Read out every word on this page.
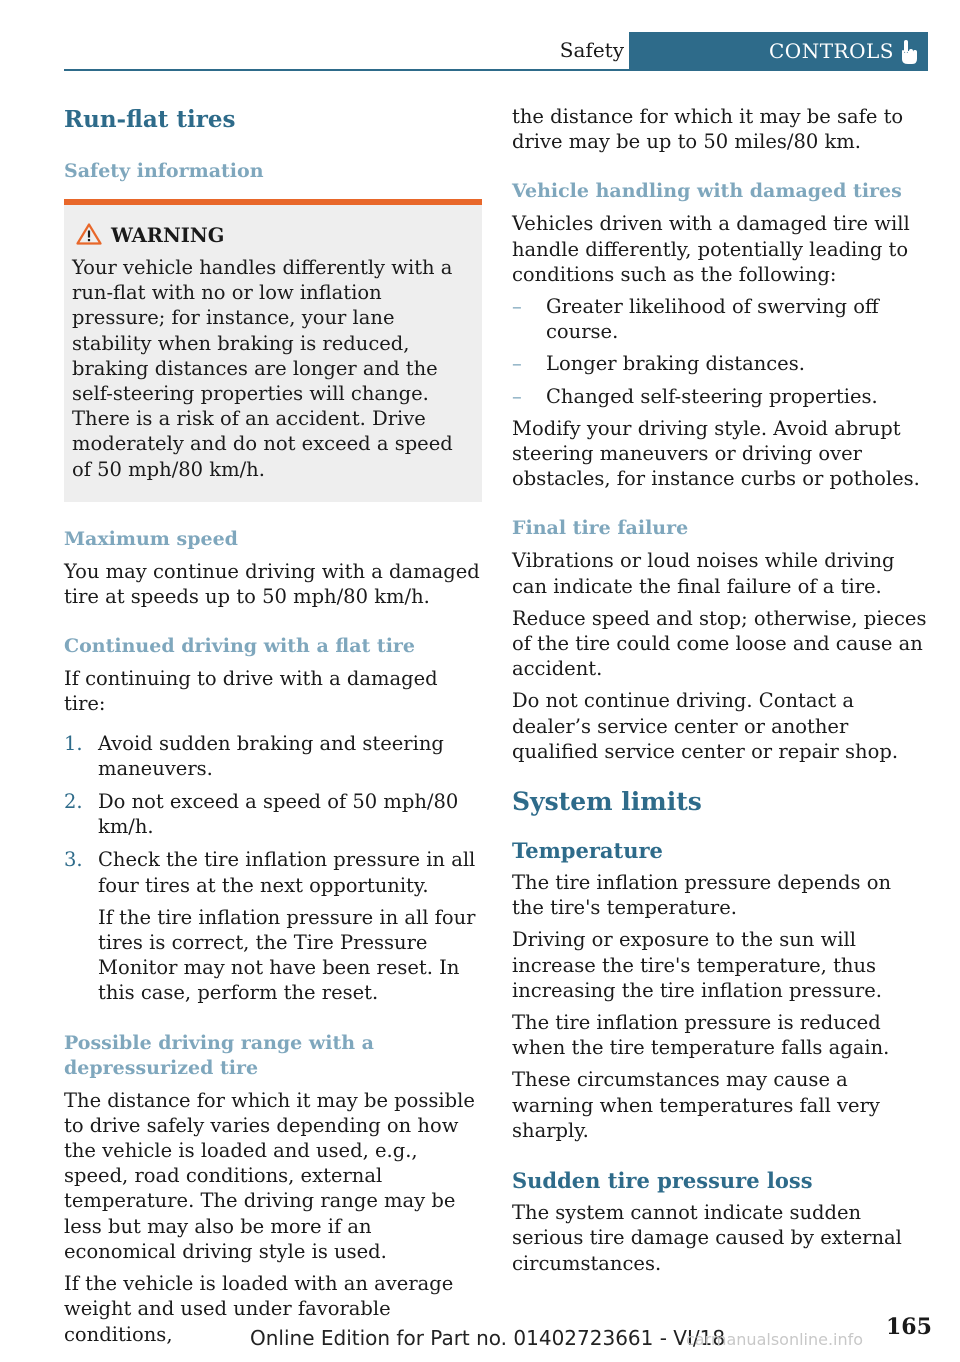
Safety	CONTROLS
Run-flat tires
Safety information
WARNING

Your vehicle handles differently with a run-flat with no or low inflation pressure; for instance, your lane stability when braking is reduced, braking distances are longer and the self-steering properties will change. There is a risk of an accident. Drive moderately and do not exceed a speed of 50 mph/80 km/h.

Maximum speed

You may continue driving with a damaged tire at speeds up to 50 mph/80 km/h.

Continued driving with a flat tire

If continuing to drive with a damaged tire:

1. Avoid sudden braking and steering maneuvers.
2. Do not exceed a speed of 50 mph/80 km/h.
3. Check the tire inflation pressure in all four tires at the next opportunity.
If the tire inflation pressure in all four tires is correct, the Tire Pressure Monitor may not have been reset. In this case, perform the reset.
Possible driving range with a depressurized tire

The distance for which it may be possible to drive safely varies depending on how the vehicle is loaded and used, e.g., speed, road conditions, external temperature. The driving range may be less but may also be more if an economical driving style is used.

If the vehicle is loaded with an average weight and used under favorable conditions,

the distance for which it may be safe to drive may be up to 50 miles/80 km.

Vehicle handling with damaged tires

Vehicles driven with a damaged tire will handle differently, potentially leading to conditions such as the following:

– Greater likelihood of swerving off course.
– Longer braking distances.
– Changed self-steering properties.

Modify your driving style. Avoid abrupt steering maneuvers or driving over obstacles, for instance curbs or potholes.

Final tire failure

Vibrations or loud noises while driving can indicate the final failure of a tire.

Reduce speed and stop; otherwise, pieces of the tire could come loose and cause an accident.

Do not continue driving. Contact a dealer’s service center or another qualified service center or repair shop.

System limits
Temperature

The tire inflation pressure depends on the tire's temperature.

Driving or exposure to the sun will increase the tire's temperature, thus increasing the tire inflation pressure.

The tire inflation pressure is reduced when the tire temperature falls again.

These circumstances may cause a warning when temperatures fall very sharply.

Sudden tire pressure loss

The system cannot indicate sudden serious tire damage caused by external circumstances.

Online Edition for Part no. 01402723661 - VI/18	165
carmanualsonline.info
